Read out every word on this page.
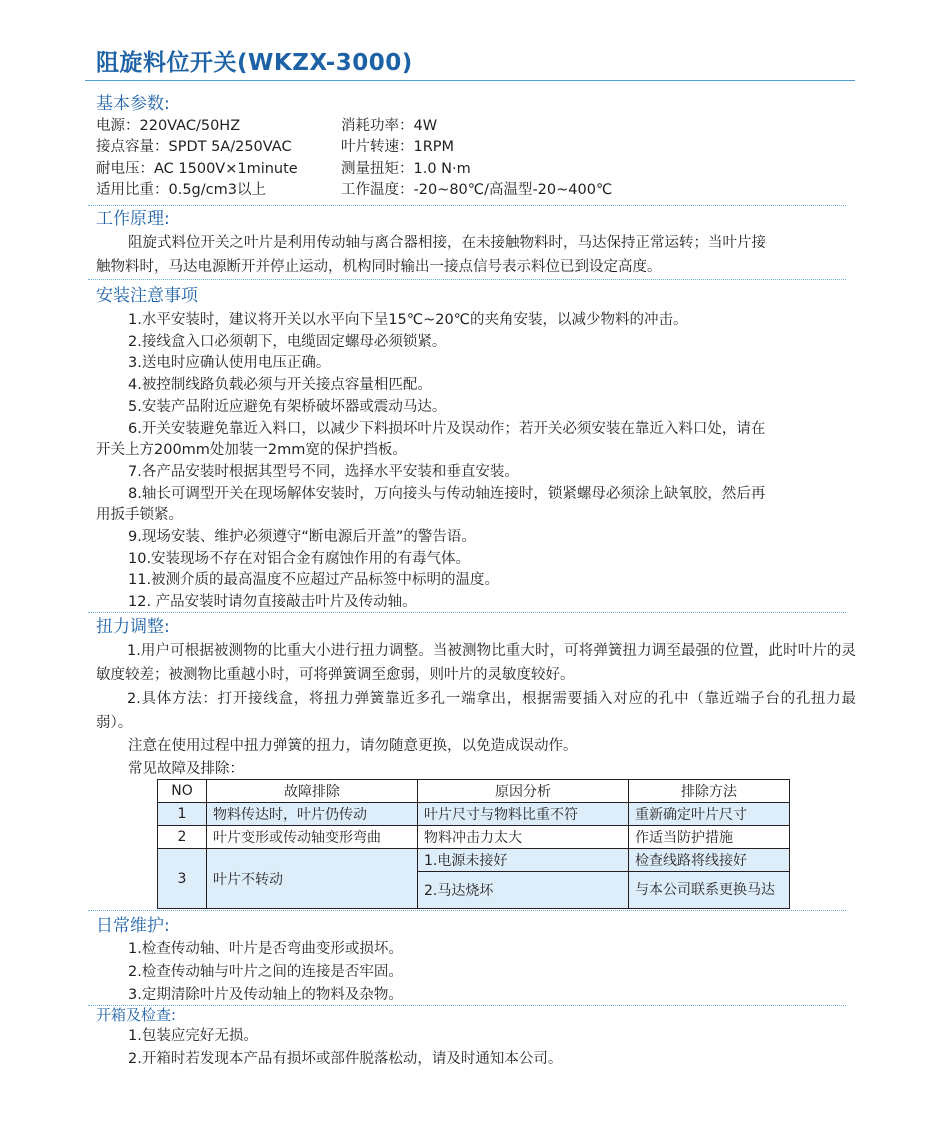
阻旋料位开关(WKZX-3000)
基本参数:
电源：220VAC/50HZ	消耗功率：4W
接点容量：SPDT 5A/250VAC	叶片转速：1RPM
耐电压：AC 1500V×1minute	测量扭矩：1.0 N·m
适用比重：0.5g/cm3以上	工作温度：-20~80℃/高温型-20~400℃
工作原理:
阻旋式料位开关之叶片是利用传动轴与离合器相接，在未接触物料时，马达保持正常运转；当叶片接
触物料时，马达电源断开并停止运动，机构同时输出一接点信号表示料位已到设定高度。
安装注意事项
1.水平安装时，建议将开关以水平向下呈15℃~20℃的夹角安装，以减少物料的冲击。
2.接线盒入口必须朝下，电缆固定螺母必须锁紧。
3.送电时应确认使用电压正确。
4.被控制线路负载必须与开关接点容量相匹配。
5.安装产品附近应避免有架桥破坏器或震动马达。
6.开关安装避免靠近入料口，以减少下料损坏叶片及误动作；若开关必须安装在靠近入料口处，请在
开关上方200mm处加装一2mm宽的保护挡板。
7.各产品安装时根据其型号不同，选择水平安装和垂直安装。
8.轴长可调型开关在现场解体安装时，万向接头与传动轴连接时，锁紧螺母必须涂上缺氧胶，然后再
用扳手锁紧。
9.现场安装、维护必须遵守“断电源后开盖”的警告语。
10.安装现场不存在对铝合金有腐蚀作用的有毒气体。
11.被测介质的最高温度不应超过产品标签中标明的温度。
12. 产品安装时请勿直接敲击叶片及传动轴。
扭力调整:

1.用户可根据被测物的比重大小进行扭力调整。当被测物比重大时，可将弹簧扭力调至最强的位置，此时叶片的灵敏度较差；被测物比重越小时，可将弹簧调至愈弱，则叶片的灵敏度较好。

2.具体方法：打开接线盒，将扭力弹簧靠近多孔一端拿出，根据需要插入对应的孔中（靠近端子台的孔扭力最弱）。

注意在使用过程中扭力弹簧的扭力，请勿随意更换，以免造成误动作。

常见故障及排除：

NO	故障排除	原因分析	排除方法
1	物料传达时，叶片仍传动	叶片尺寸与物料比重不符	重新确定叶片尺寸
2	叶片变形或传动轴变形弯曲	物料冲击力太大	作适当防护措施
3	叶片不转动	1.电源未接好	检查线路将线接好
		2.马达烧坏	与本公司联系更换马达
日常维护:
1.检查传动轴、叶片是否弯曲变形或损坏。
2.检查传动轴与叶片之间的连接是否牢固。
3.定期清除叶片及传动轴上的物料及杂物。
开箱及检查:
1.包装应完好无损。
2.开箱时若发现本产品有损坏或部件脱落松动，请及时通知本公司。
